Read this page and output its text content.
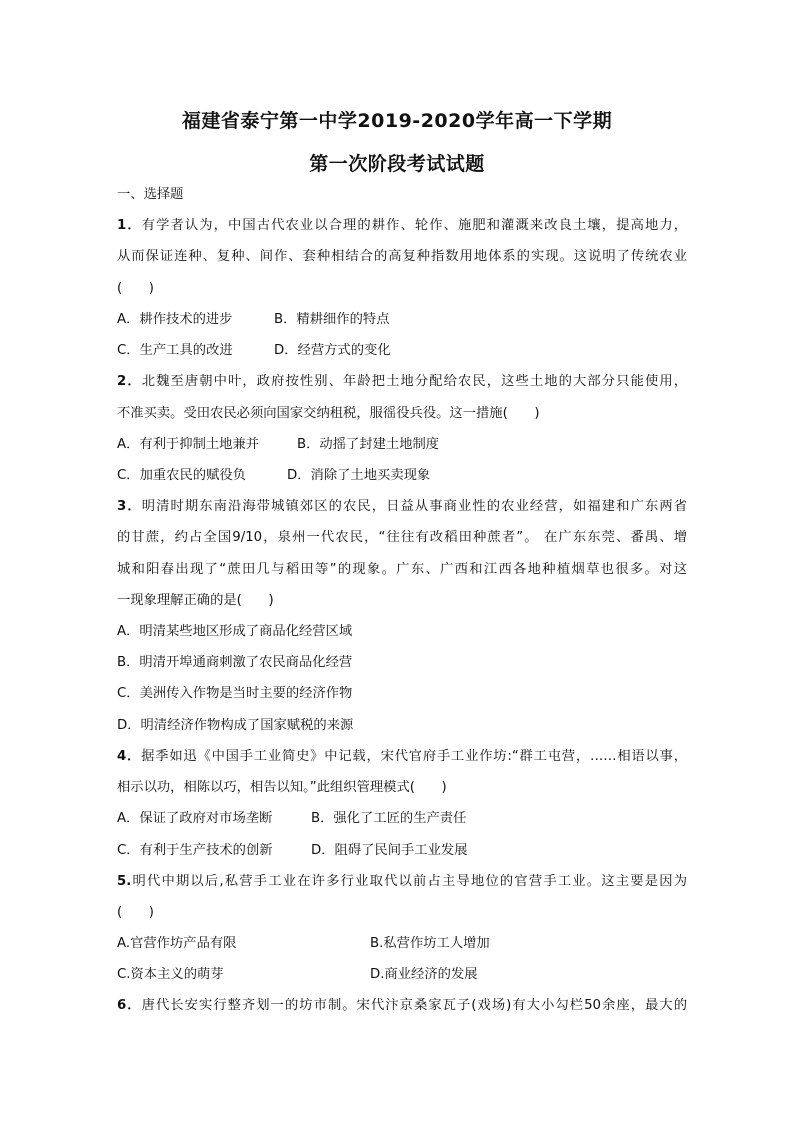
福建省泰宁第一中学2019-2020学年高一下学期
第一次阶段考试试题
一、选择题
1．有学者认为，中国古代农业以合理的耕作、轮作、施肥和灌溉来改良土壤，提高地力，
从而保证连种、复种、间作、套种相结合的高复种指数用地体系的实现。这说明了传统农业
(　　)
A．耕作技术的进步	B．精耕细作的特点
C．生产工具的改进	D．经营方式的变化
2．北魏至唐朝中叶，政府按性别、年龄把土地分配给农民，这些土地的大部分只能使用，
不准买卖。受田农民必须向国家交纳租税，服徭役兵役。这一措施(　　)
A．有利于抑制土地兼并	B．动摇了封建土地制度
C．加重农民的赋役负	D．消除了土地买卖现象
3．明清时期东南沿海带城镇郊区的农民，日益从事商业性的农业经营，如福建和广东两省
的甘蔗，约占全国9/10，泉州一代农民，“往往有改稻田种蔗者”。 在广东东莞、番禺、增
城和阳春出现了“蔗田几与稻田等”的现象。广东、广西和江西各地种植烟草也很多。对这
一现象理解正确的是(　　)
A．明清某些地区形成了商品化经营区域
B．明清开埠通商刺激了农民商品化经营
C．美洲传入作物是当时主要的经济作物
D．明清经济作物构成了国家赋税的来源
4．据季如迅《中国手工业简史》中记载，宋代官府手工业作坊:“群工屯营，……相语以事，
相示以功，相陈以巧，相告以知。”此组织管理模式(　　)
A．保证了政府对市场垄断	B．强化了工匠的生产责任
C．有利于生产技术的创新	D．阻碍了民间手工业发展
5.明代中期以后,私营手工业在许多行业取代以前占主导地位的官营手工业。这主要是因为
(　　)
A.官营作坊产品有限	B.私营作坊工人增加
C.资本主义的萌芽	D.商业经济的发展
6．唐代长安实行整齐划一的坊市制。宋代汴京桑家瓦子(戏场)有大小勾栏50余座，最大的
